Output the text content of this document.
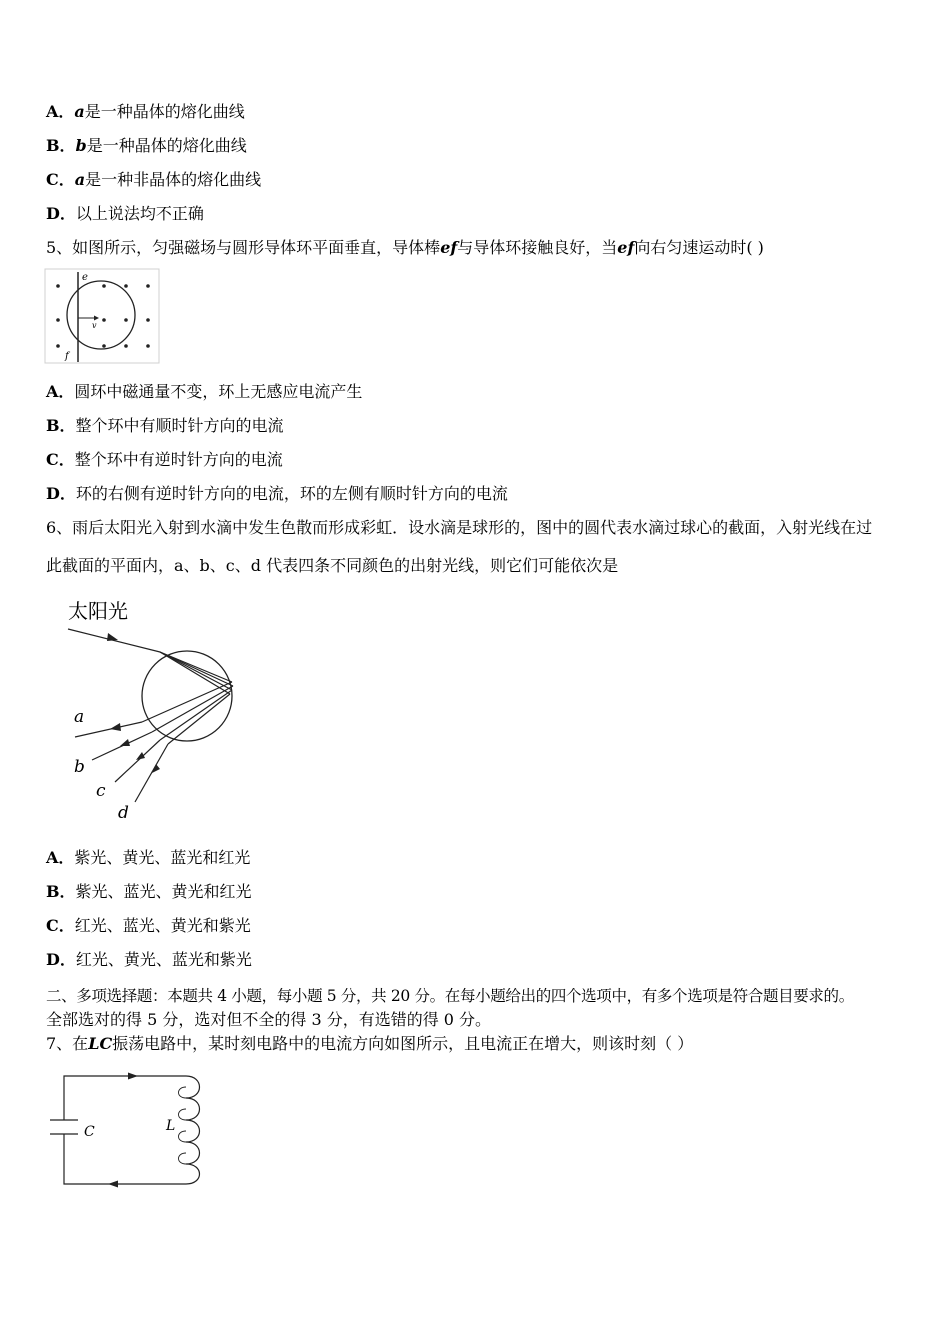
A．a是一种晶体的熔化曲线
B．b是一种晶体的熔化曲线
C．a是一种非晶体的熔化曲线
D．以上说法均不正确
5、如图所示，匀强磁场与圆形导体环平面垂直，导体棒ef与导体环接触良好，当ef向右匀速运动时( )
e
f
v
A．圆环中磁通量不变，环上无感应电流产生
B．整个环中有顺时针方向的电流
C．整个环中有逆时针方向的电流
D．环的右侧有逆时针方向的电流，环的左侧有顺时针方向的电流
6、雨后太阳光入射到水滴中发生色散而形成彩虹．设水滴是球形的，图中的圆代表水滴过球心的截面，入射光线在过
此截面的平面内，a、b、c、d 代表四条不同颜色的出射光线，则它们可能依次是
太阳光
a
b
c
d
A．紫光、黄光、蓝光和红光
B．紫光、蓝光、黄光和红光
C．红光、蓝光、黄光和紫光
D．红光、黄光、蓝光和紫光
二、多项选择题：本题共 4 小题，每小题 5 分，共 20 分。在每小题给出的四个选项中，有多个选项是符合题目要求的。
全部选对的得 5 分，选对但不全的得 3 分，有选错的得 0 分。
7、在LC振荡电路中，某时刻电路中的电流方向如图所示，且电流正在增大，则该时刻（ ）
C	L
